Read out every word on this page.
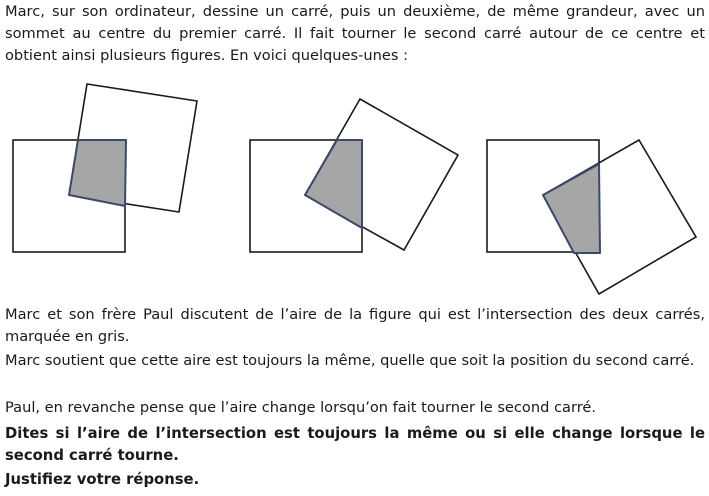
Marc, sur son ordinateur, dessine un carré, puis un deuxième, de même grandeur, avec un sommet au centre du premier carré. Il fait tourner le second carré autour de ce centre et obtient ainsi plusieurs figures. En voici quelques-unes :

Marc et son frère Paul discutent de l’aire de la figure qui est l’intersection des deux carrés, marquée en gris.

Marc soutient que cette aire est toujours la même, quelle que soit la position du second carré.

Paul, en revanche pense que l’aire change lorsqu’on fait tourner le second carré.

Dites si l’aire de l’intersection est toujours la même ou si elle change lorsque le second carré tourne.

Justifiez votre réponse.
